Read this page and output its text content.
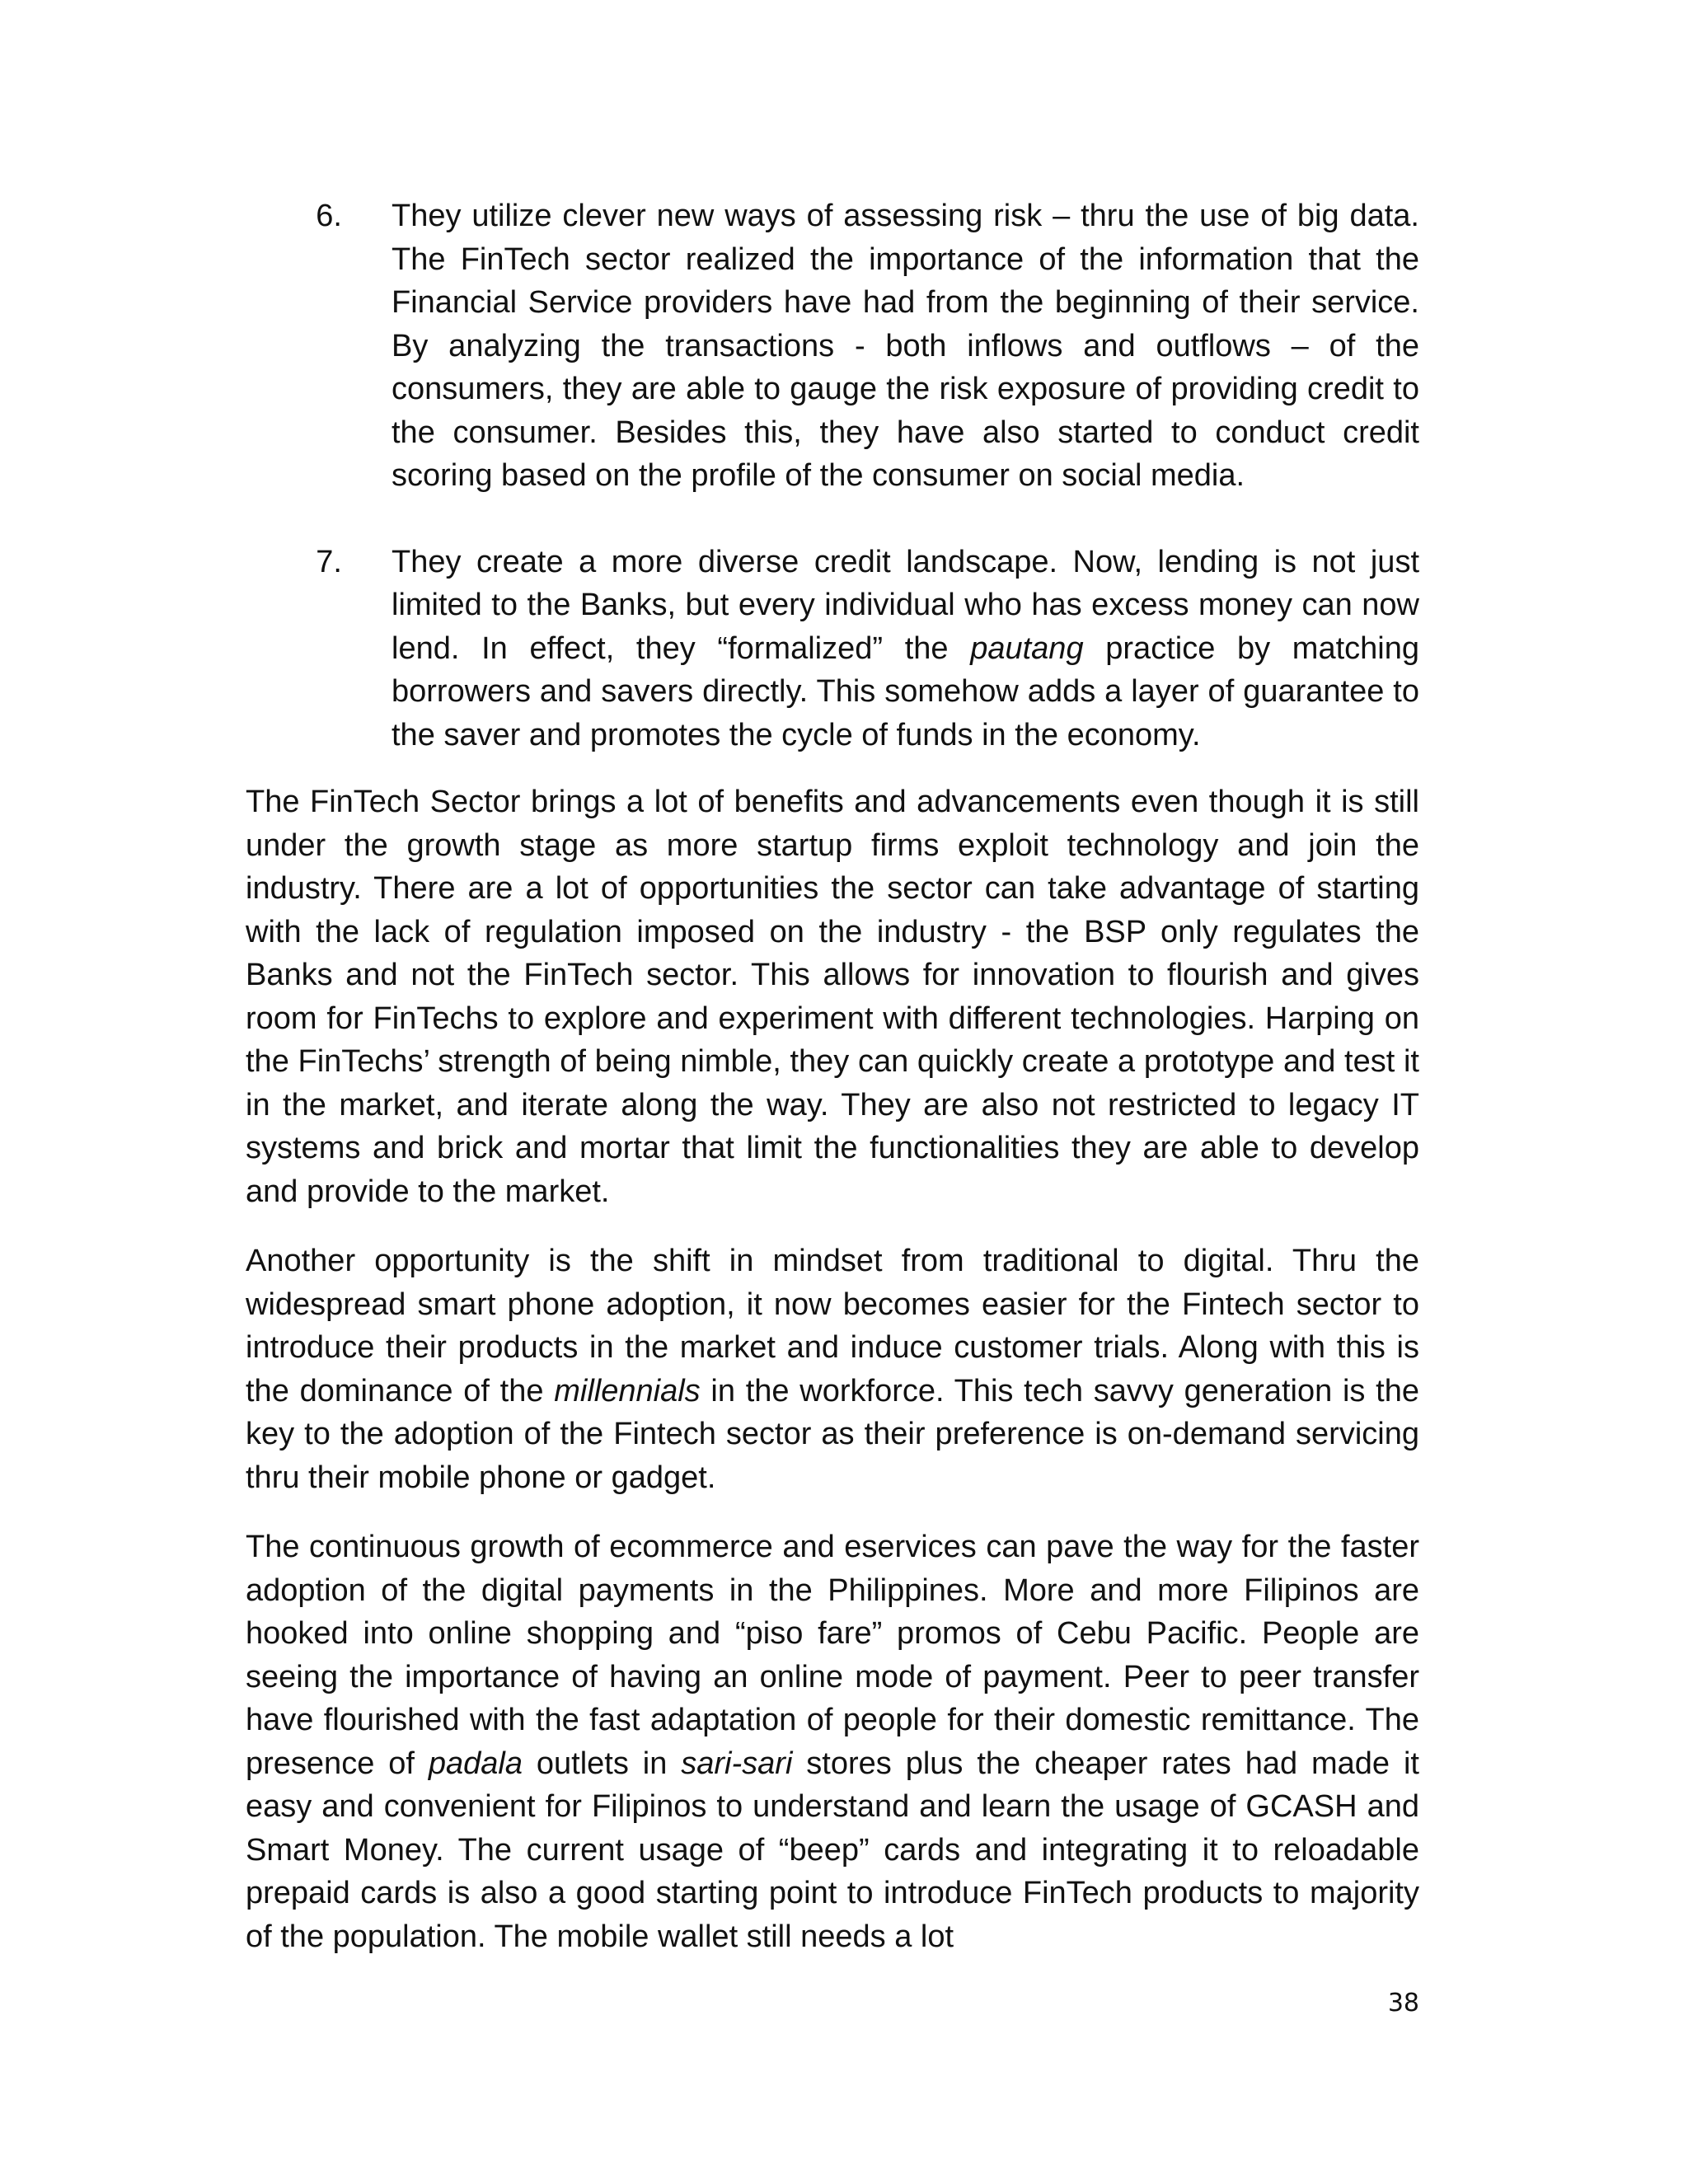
6. They utilize clever new ways of assessing risk – thru the use of big data. The FinTech sector realized the importance of the information that the Financial Service providers have had from the beginning of their service. By analyzing the transactions - both inflows and outflows – of the consumers, they are able to gauge the risk exposure of providing credit to the consumer. Besides this, they have also started to conduct credit scoring based on the profile of the consumer on social media.

7. They create a more diverse credit landscape. Now, lending is not just limited to the Banks, but every individual who has excess money can now lend. In effect, they “formalized” the pautang practice by matching borrowers and savers directly. This somehow adds a layer of guarantee to the saver and promotes the cycle of funds in the economy.

The FinTech Sector brings a lot of benefits and advancements even though it is still under the growth stage as more startup firms exploit technology and join the industry. There are a lot of opportunities the sector can take advantage of starting with the lack of regulation imposed on the industry - the BSP only regulates the Banks and not the FinTech sector. This allows for innovation to flourish and gives room for FinTechs to explore and experiment with different technologies. Harping on the FinTechs’ strength of being nimble, they can quickly create a prototype and test it in the market, and iterate along the way. They are also not restricted to legacy IT systems and brick and mortar that limit the functionalities they are able to develop and provide to the market.

Another opportunity is the shift in mindset from traditional to digital. Thru the widespread smart phone adoption, it now becomes easier for the Fintech sector to introduce their products in the market and induce customer trials. Along with this is the dominance of the millennials in the workforce. This tech savvy generation is the key to the adoption of the Fintech sector as their preference is on-demand servicing thru their mobile phone or gadget.

The continuous growth of ecommerce and eservices can pave the way for the faster adoption of the digital payments in the Philippines. More and more Filipinos are hooked into online shopping and “piso fare” promos of Cebu Pacific. People are seeing the importance of having an online mode of payment. Peer to peer transfer have flourished with the fast adaptation of people for their domestic remittance. The presence of padala outlets in sari-sari stores plus the cheaper rates had made it easy and convenient for Filipinos to understand and learn the usage of GCASH and Smart Money. The current usage of “beep” cards and integrating it to reloadable prepaid cards is also a good starting point to introduce FinTech products to majority of the population. The mobile wallet still needs a lot

38
